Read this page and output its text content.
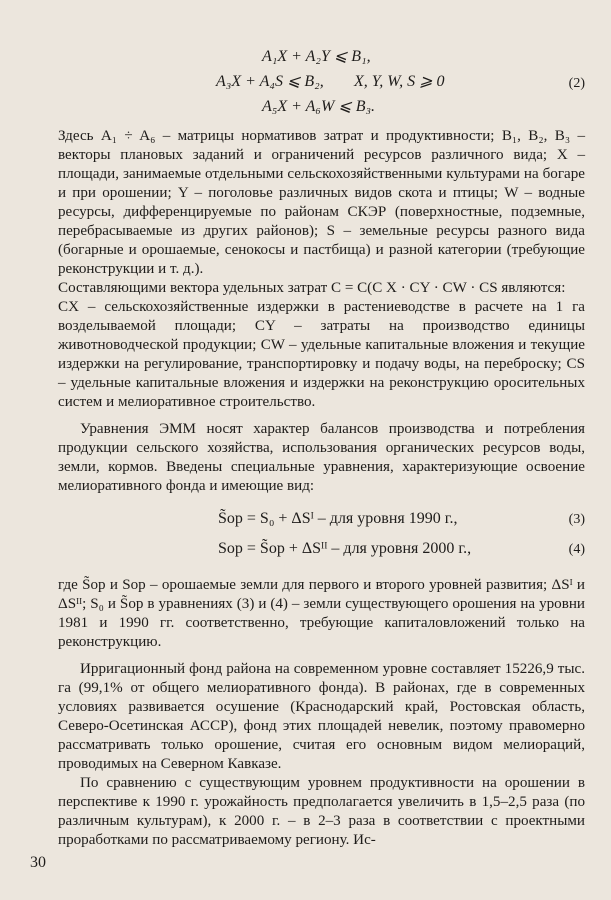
A₁X + A₂Y ⩽ B₁,
A₃X + A₄S ⩽ B₂, X, Y, W, S ⩾ 0	(2)
A₅X + A₆W ⩽ B₃.

Здесь A₁ ÷ A₆ – матрицы нормативов затрат и продуктивности; B₁, B₂, B₃ – векторы плановых заданий и ограничений ресурсов различного вида; X – площади, занимаемые отдельными сельскохозяйственными культурами на богаре и при орошении; Y – поголовье различных видов скота и птицы; W – водные ресурсы, дифференцируемые по районам СКЭР (поверхностные, подземные, перебрасываемые из других районов); S – земельные ресурсы разного вида (богарные и орошаемые, сенокосы и пастбища) и разной категории (требующие реконструкции и т. д.).

Составляющими вектора удельных затрат C = C(C X · CY · CW · CS являются:

CX – сельскохозяйственные издержки в растениеводстве в расчете на 1 га возделываемой площади; CY – затраты на производство единицы животноводческой продукции; CW – удельные капитальные вложения и текущие издержки на регулирование, транспортировку и подачу воды, на переброску; CS – удельные капитальные вложения и издержки на реконструкцию оросительных систем и мелиоративное строительство.

Уравнения ЭММ носят характер балансов производства и потребления продукции сельского хозяйства, использования органических ресурсов воды, земли, кормов. Введены специальные уравнения, характеризующие освоение мелиоративного фонда и имеющие вид:

S̃ор = S₀ + ΔSᴵ – для уровня 1990 г.,	(3)
Sор = S̃ор + ΔSᴵᴵ – для уровня 2000 г.,	(4)

где S̃ор и Sор – орошаемые земли для первого и второго уровней развития; ΔSᴵ и ΔSᴵᴵ; S₀ и S̃ор в уравнениях (3) и (4) – земли существующего орошения на уровни 1981 и 1990 гг. соответственно, требующие капиталовложений только на реконструкцию.

Ирригационный фонд района на современном уровне составляет 15226,9 тыс. га (99,1% от общего мелиоративного фонда). В районах, где в современных условиях развивается осушение (Краснодарский край, Ростовская область, Северо-Осетинская АССР), фонд этих площадей невелик, поэтому правомерно рассматривать только орошение, считая его основным видом мелиораций, проводимых на Северном Кавказе.

По сравнению с существующим уровнем продуктивности на орошении в перспективе к 1990 г. урожайность предполагается увеличить в 1,5–2,5 раза (по различным культурам), к 2000 г. – в 2–3 раза в соответствии с проектными проработками по рассматриваемому региону. Ис-

30
